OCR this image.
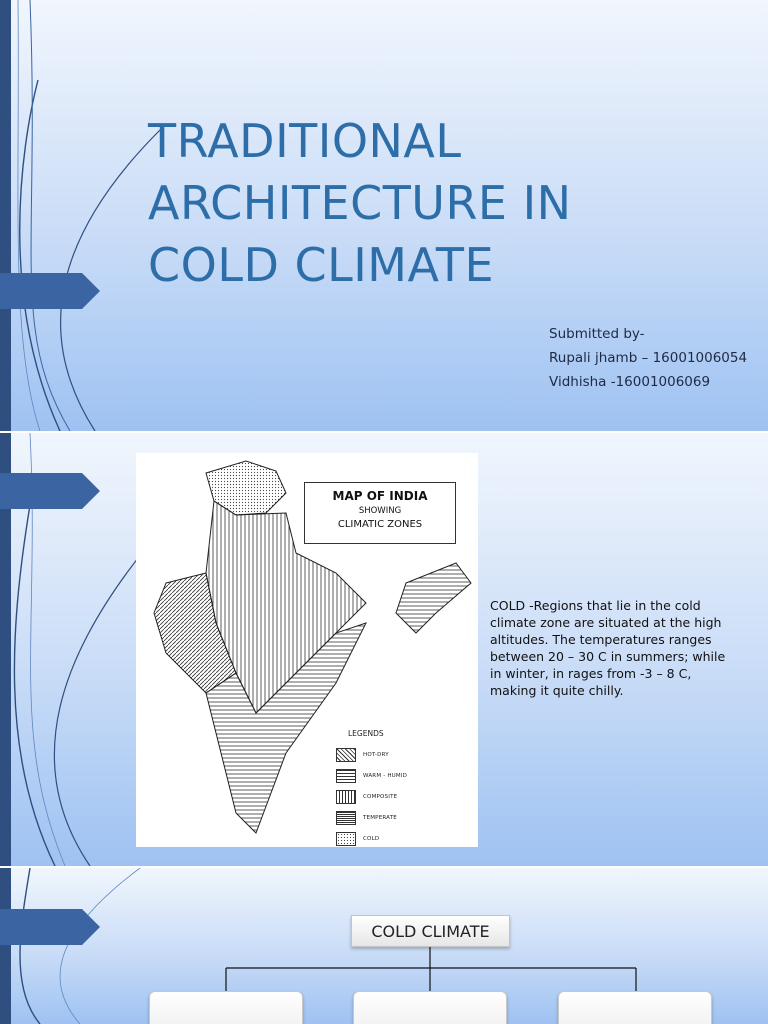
TRADITIONAL
ARCHITECTURE IN
COLD CLIMATE
Submitted by-
Rupali jhamb – 16001006054
Vidhisha -16001006069
MAP OF INDIA
SHOWING
CLIMATIC ZONES
LEGENDS
HOT-DRY
WARM - HUMID
COMPOSITE
TEMPERATE
COLD

COLD -Regions that lie in the cold climate zone are situated at the high altitudes. The temperatures ranges between 20 – 30 C in summers; while in winter, in rages from -3 – 8 C, making it quite chilly.

COLD CLIMATE
